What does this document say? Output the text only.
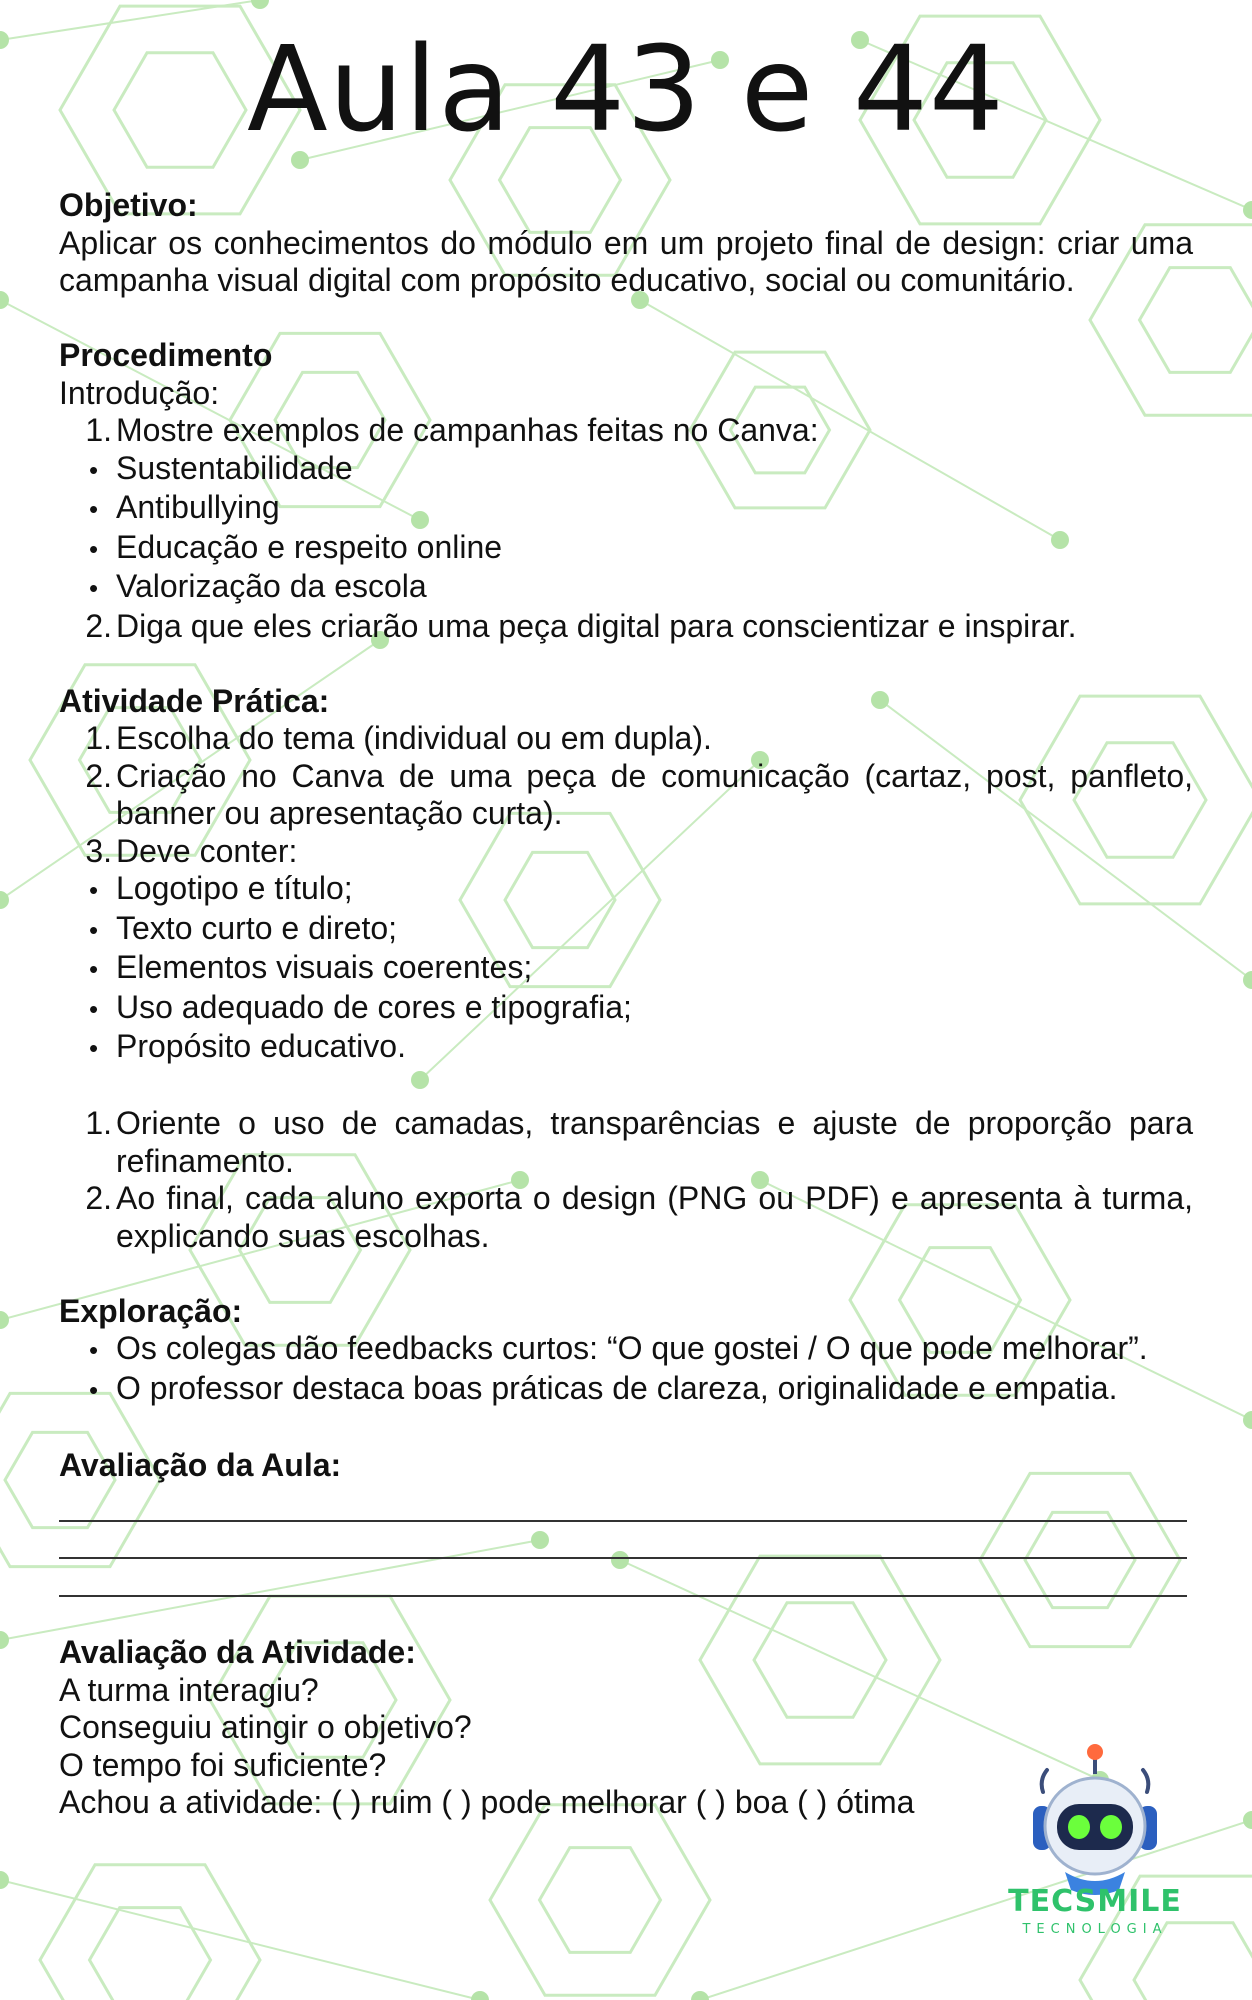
Aula 43 e 44
Objetivo:
Aplicar os conhecimentos do módulo em um projeto final de design: criar uma campanha visual digital com propósito educativo, social ou comunitário.
Procedimento
Introdução:
1. Mostre exemplos de campanhas feitas no Canva:
• Sustentabilidade
• Antibullying
• Educação e respeito online
• Valorização da escola
2. Diga que eles criarão uma peça digital para conscientizar e inspirar.
Atividade Prática:
1. Escolha do tema (individual ou em dupla).
2. Criação no Canva de uma peça de comunicação (cartaz, post, panfleto, banner ou apresentação curta).
3. Deve conter:
• Logotipo e título;
• Texto curto e direto;
• Elementos visuais coerentes;
• Uso adequado de cores e tipografia;
• Propósito educativo.
1. Oriente o uso de camadas, transparências e ajuste de proporção para refinamento.
2. Ao final, cada aluno exporta o design (PNG ou PDF) e apresenta à turma, explicando suas escolhas.
Exploração:
• Os colegas dão feedbacks curtos: “O que gostei / O que pode melhorar”.
• O professor destaca boas práticas de clareza, originalidade e empatia.
Avaliação da Aula:
Avaliação da Atividade:
A turma interagiu?
Conseguiu atingir o objetivo?
O tempo foi suficiente?
Achou a atividade: ( ) ruim ( ) pode melhorar ( ) boa ( ) ótima
TECSMILE
TECNOLOGIA
